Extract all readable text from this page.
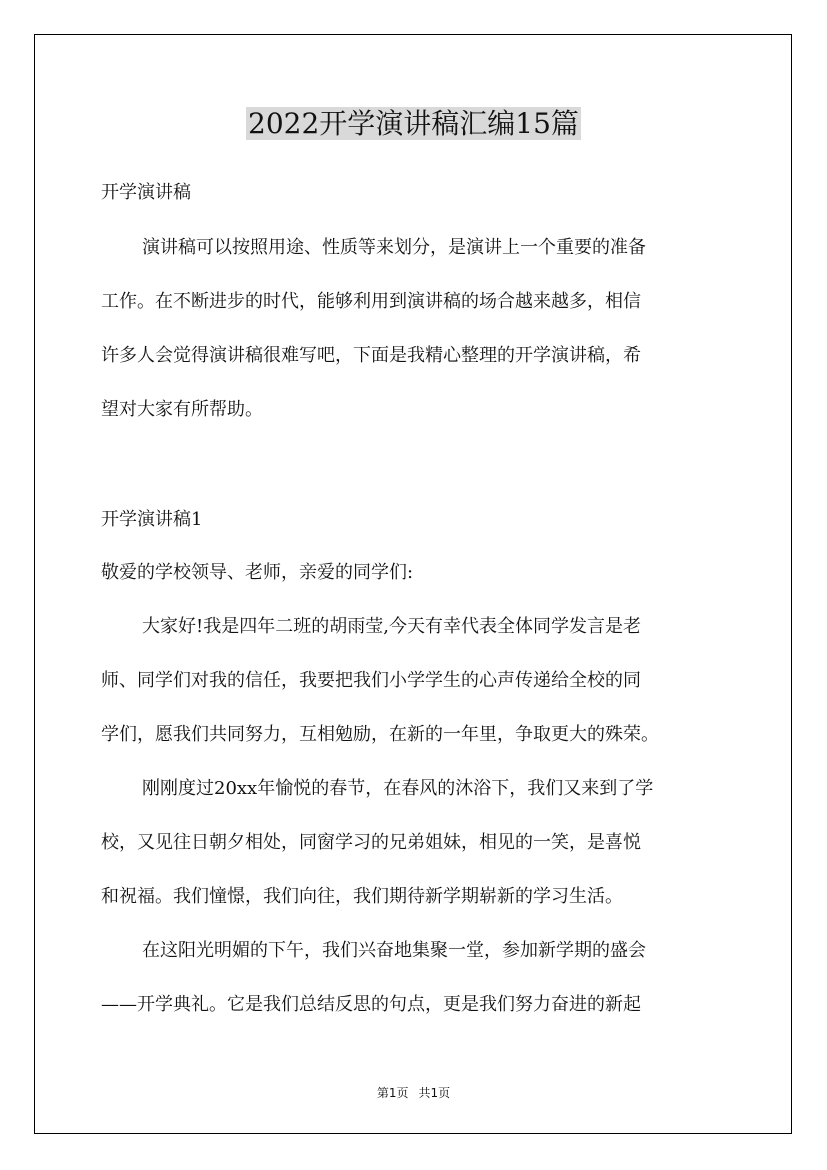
2022开学演讲稿汇编15篇
开学演讲稿
演讲稿可以按照用途、性质等来划分，是演讲上一个重要的准备
工作。在不断进步的时代，能够利用到演讲稿的场合越来越多，相信
许多人会觉得演讲稿很难写吧，下面是我精心整理的开学演讲稿，希
望对大家有所帮助。
开学演讲稿1
敬爱的学校领导、老师，亲爱的同学们:
大家好!我是四年二班的胡雨莹,今天有幸代表全体同学发言是老
师、同学们对我的信任，我要把我们小学学生的心声传递给全校的同
学们，愿我们共同努力，互相勉励，在新的一年里，争取更大的殊荣。
刚刚度过20xx年愉悦的春节，在春风的沐浴下，我们又来到了学
校，又见往日朝夕相处，同窗学习的兄弟姐妹，相见的一笑，是喜悦
和祝福。我们憧憬，我们向往，我们期待新学期崭新的学习生活。
在这阳光明媚的下午，我们兴奋地集聚一堂，参加新学期的盛会
——开学典礼。它是我们总结反思的句点，更是我们努力奋进的新起
第1页 共1页
